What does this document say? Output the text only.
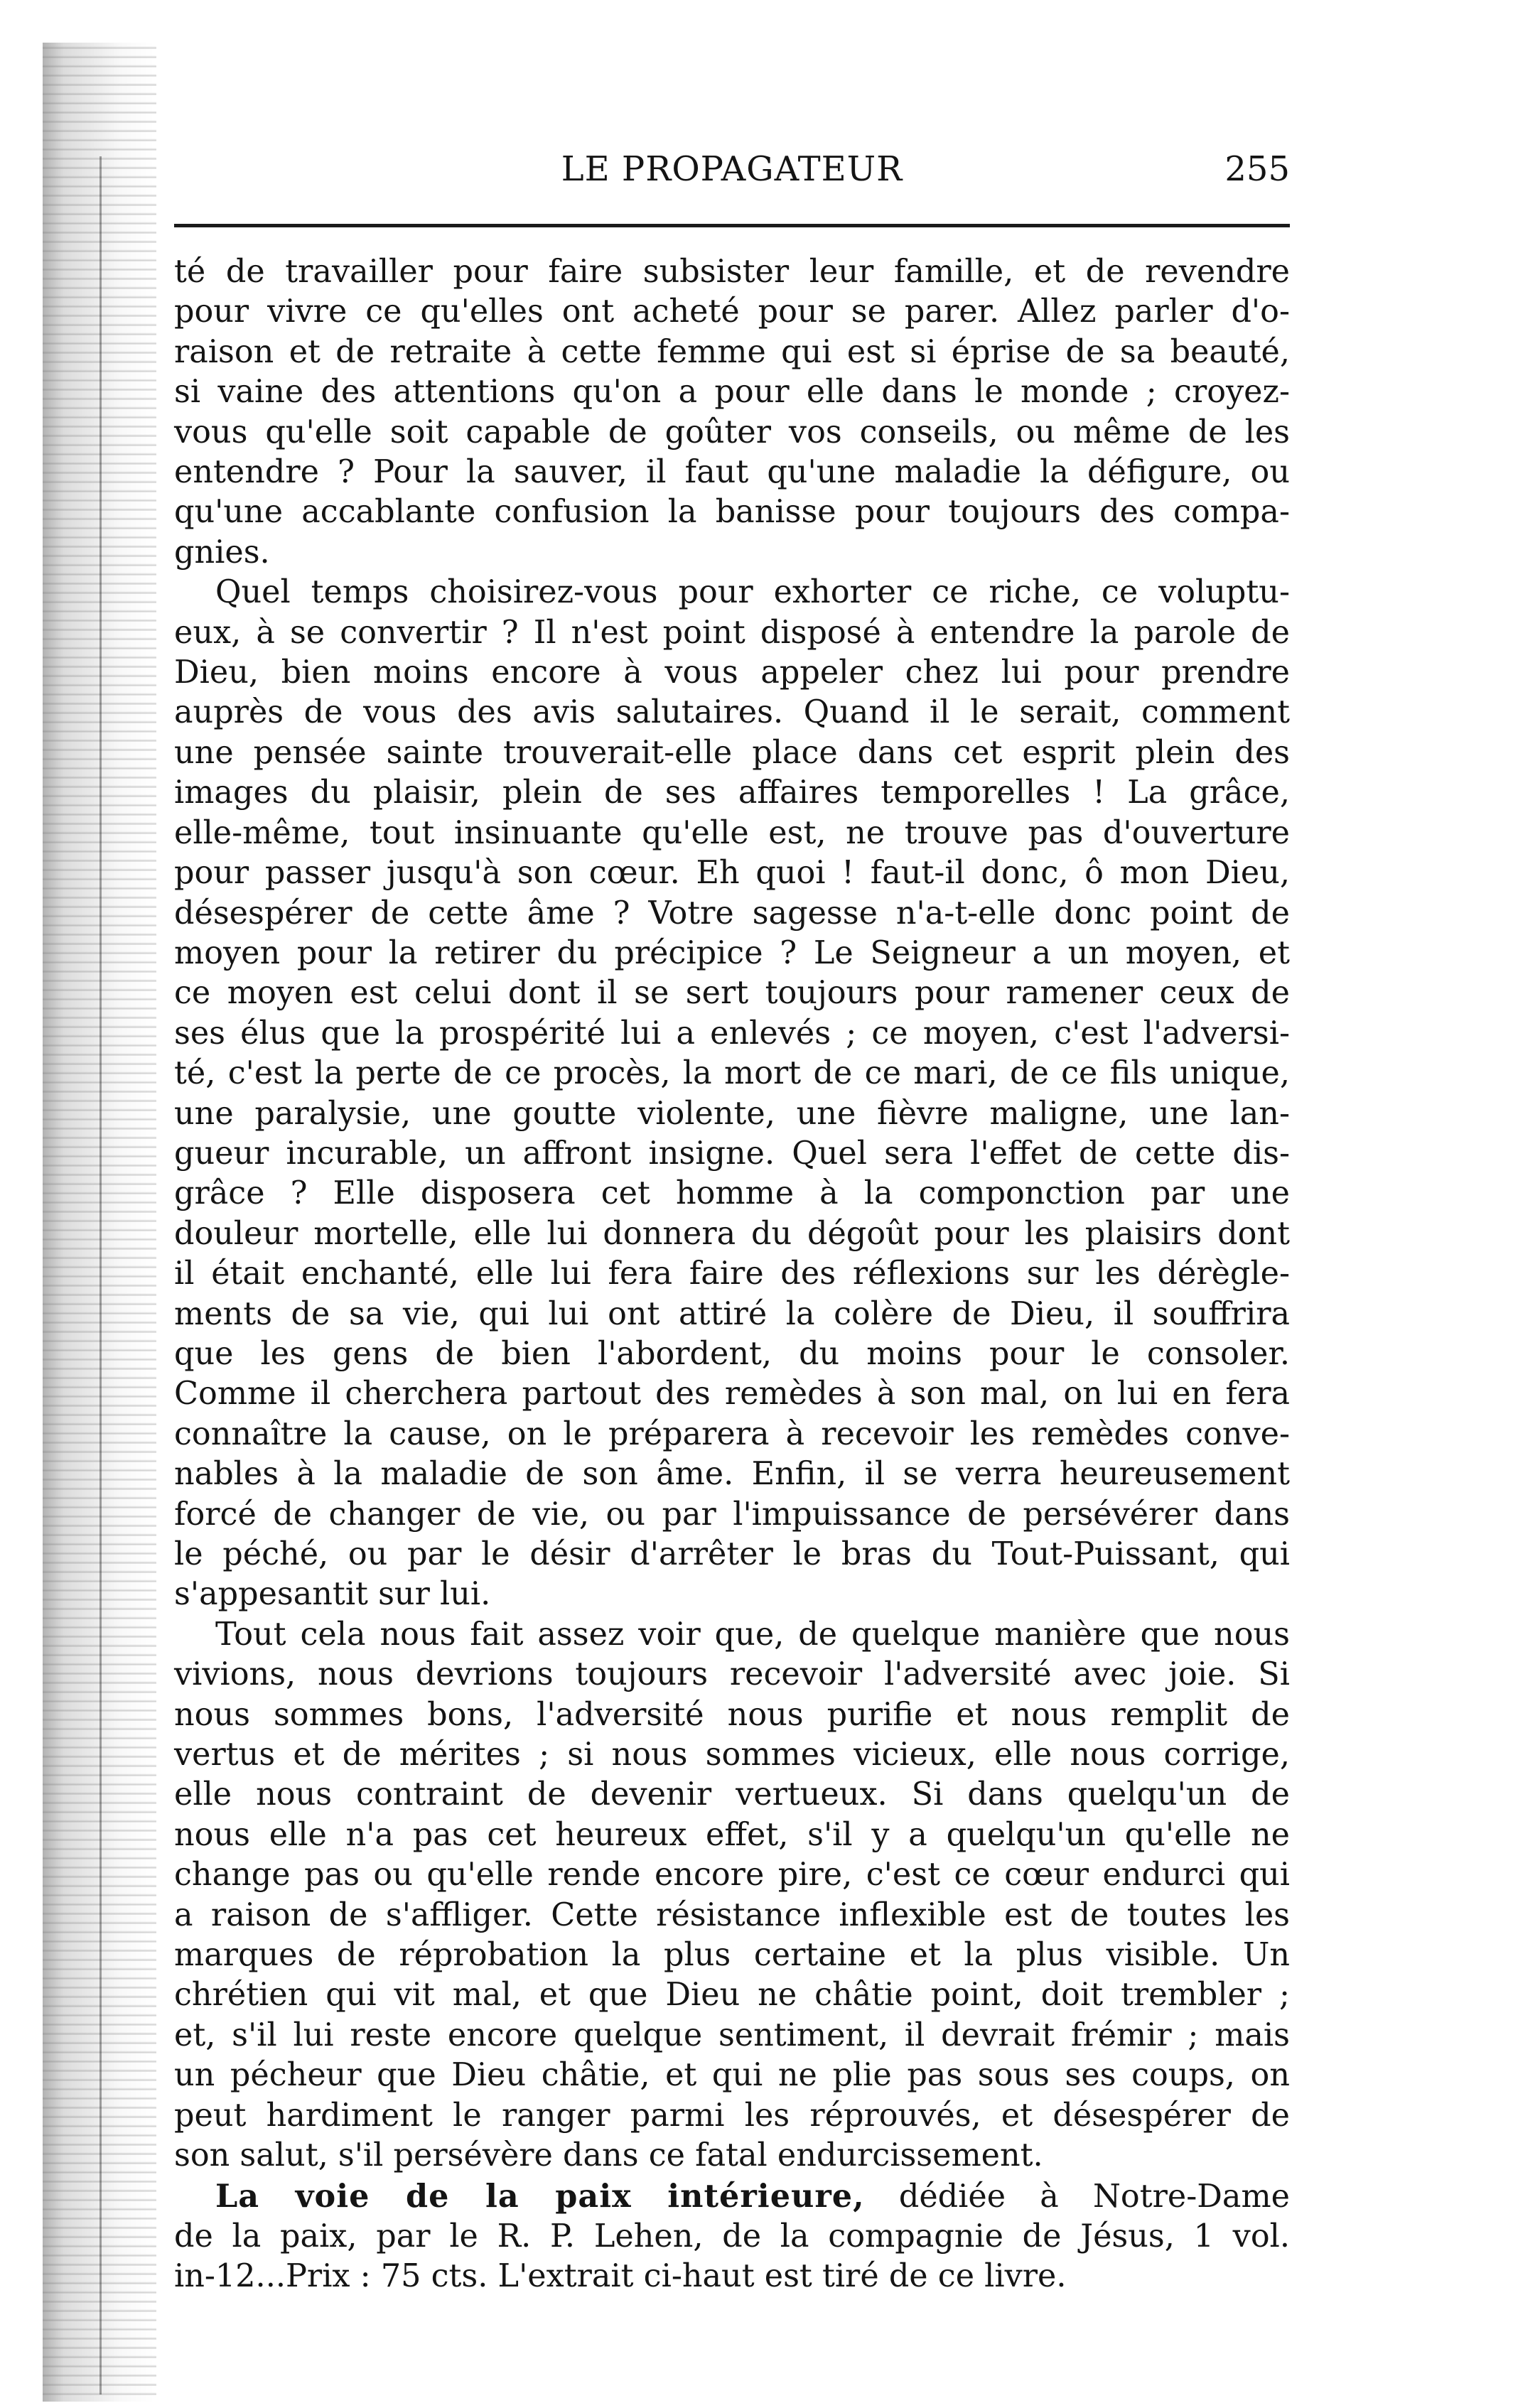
LE PROPAGATEUR	255

té de travailler pour faire subsister leur famille, et de revendre

pour vivre ce qu'elles ont acheté pour se parer. Allez parler d'o-

raison et de retraite à cette femme qui est si éprise de sa beauté,

si vaine des attentions qu'on a pour elle dans le monde ; croyez-

vous qu'elle soit capable de goûter vos conseils, ou même de les

entendre ? Pour la sauver, il faut qu'une maladie la défigure, ou

qu'une accablante confusion la banisse pour toujours des compa-

gnies.

Quel temps choisirez-vous pour exhorter ce riche, ce voluptu-

eux, à se convertir ? Il n'est point disposé à entendre la parole de

Dieu, bien moins encore à vous appeler chez lui pour prendre

auprès de vous des avis salutaires. Quand il le serait, comment

une pensée sainte trouverait-elle place dans cet esprit plein des

images du plaisir, plein de ses affaires temporelles ! La grâce,

elle-même, tout insinuante qu'elle est, ne trouve pas d'ouverture

pour passer jusqu'à son cœur. Eh quoi ! faut-il donc, ô mon Dieu,

désespérer de cette âme ? Votre sagesse n'a-t-elle donc point de

moyen pour la retirer du précipice ? Le Seigneur a un moyen, et

ce moyen est celui dont il se sert toujours pour ramener ceux de

ses élus que la prospérité lui a enlevés ; ce moyen, c'est l'adversi-

té, c'est la perte de ce procès, la mort de ce mari, de ce fils unique,

une paralysie, une goutte violente, une fièvre maligne, une lan-

gueur incurable, un affront insigne. Quel sera l'effet de cette dis-

grâce ? Elle disposera cet homme à la componction par une

douleur mortelle, elle lui donnera du dégoût pour les plaisirs dont

il était enchanté, elle lui fera faire des réflexions sur les dérègle-

ments de sa vie, qui lui ont attiré la colère de Dieu, il souffrira

que les gens de bien l'abordent, du moins pour le consoler.

Comme il cherchera partout des remèdes à son mal, on lui en fera

connaître la cause, on le préparera à recevoir les remèdes conve-

nables à la maladie de son âme. Enfin, il se verra heureusement

forcé de changer de vie, ou par l'impuissance de persévérer dans

le péché, ou par le désir d'arrêter le bras du Tout-Puissant, qui

s'appesantit sur lui.

Tout cela nous fait assez voir que, de quelque manière que nous

vivions, nous devrions toujours recevoir l'adversité avec joie. Si

nous sommes bons, l'adversité nous purifie et nous remplit de

vertus et de mérites ; si nous sommes vicieux, elle nous corrige,

elle nous contraint de devenir vertueux. Si dans quelqu'un de

nous elle n'a pas cet heureux effet, s'il y a quelqu'un qu'elle ne

change pas ou qu'elle rende encore pire, c'est ce cœur endurci qui

a raison de s'affliger. Cette résistance inflexible est de toutes les

marques de réprobation la plus certaine et la plus visible. Un

chrétien qui vit mal, et que Dieu ne châtie point, doit trembler ;

et, s'il lui reste encore quelque sentiment, il devrait frémir ; mais

un pécheur que Dieu châtie, et qui ne plie pas sous ses coups, on

peut hardiment le ranger parmi les réprouvés, et désespérer de

son salut, s'il persévère dans ce fatal endurcissement.

La voie de la paix intérieure, dédiée à Notre-Dame

de la paix, par le R. P. Lehen, de la compagnie de Jésus, 1 vol.

in-12...Prix : 75 cts. L'extrait ci-haut est tiré de ce livre.
